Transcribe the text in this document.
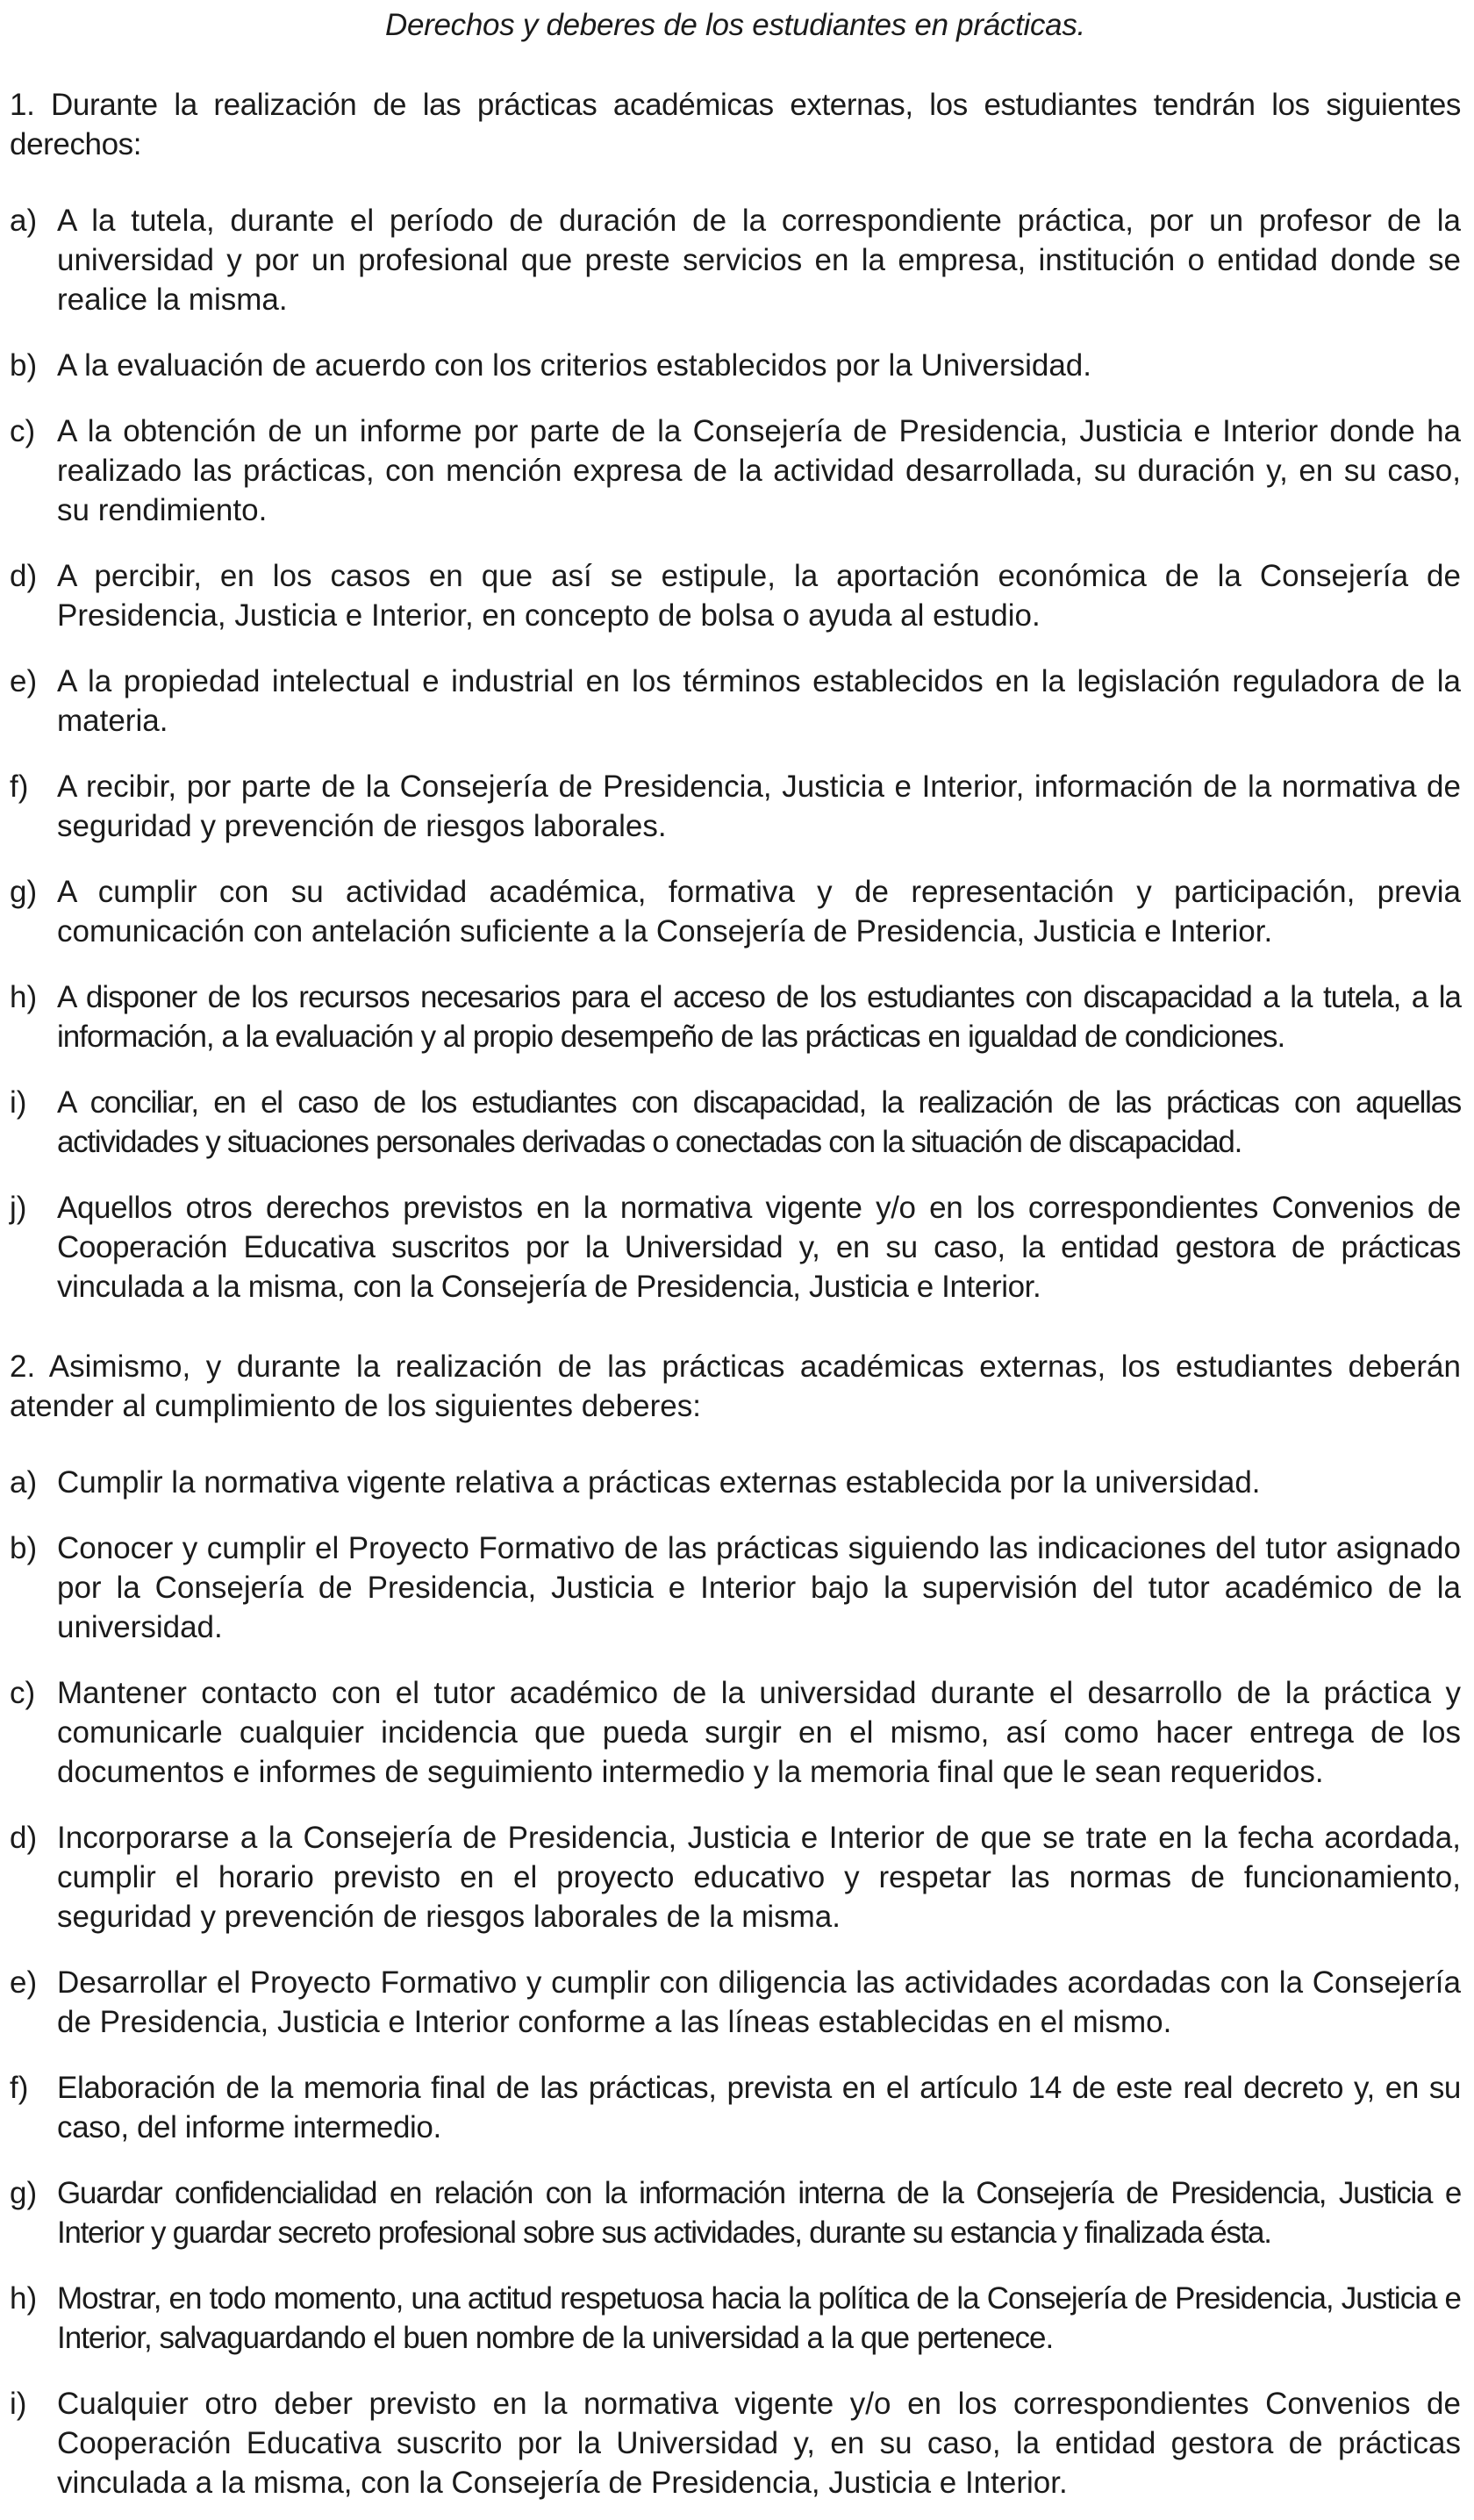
Derechos y deberes de los estudiantes en prácticas.

1. Durante la realización de las prácticas académicas externas, los estudiantes tendrán los siguientes derechos:

a) A la tutela, durante el período de duración de la correspondiente práctica, por un profesor de la universidad y por un profesional que preste servicios en la empresa, institución o entidad donde se realice la misma.
b) A la evaluación de acuerdo con los criterios establecidos por la Universidad.
c) A la obtención de un informe por parte de la Consejería de Presidencia, Justicia e Interior donde ha realizado las prácticas, con mención expresa de la actividad desarrollada, su duración y, en su caso, su rendimiento.
d) A percibir, en los casos en que así se estipule, la aportación económica de la Consejería de Presidencia, Justicia e Interior, en concepto de bolsa o ayuda al estudio.
e) A la propiedad intelectual e industrial en los términos establecidos en la legislación reguladora de la materia.
f) A recibir, por parte de la Consejería de Presidencia, Justicia e Interior, información de la normativa de seguridad y prevención de riesgos laborales.
g) A cumplir con su actividad académica, formativa y de representación y participación, previa comunicación con antelación suficiente a la Consejería de Presidencia, Justicia e Interior.
h) A disponer de los recursos necesarios para el acceso de los estudiantes con discapacidad a la tutela, a la información, a la evaluación y al propio desempeño de las prácticas en igualdad de condiciones.
i) A conciliar, en el caso de los estudiantes con discapacidad, la realización de las prácticas con aquellas actividades y situaciones personales derivadas o conectadas con la situación de discapacidad.
j) Aquellos otros derechos previstos en la normativa vigente y/o en los correspondientes Convenios de Cooperación Educativa suscritos por la Universidad y, en su caso, la entidad gestora de prácticas vinculada a la misma, con la Consejería de Presidencia, Justicia e Interior.

2. Asimismo, y durante la realización de las prácticas académicas externas, los estudiantes deberán atender al cumplimiento de los siguientes deberes:

a) Cumplir la normativa vigente relativa a prácticas externas establecida por la universidad.
b) Conocer y cumplir el Proyecto Formativo de las prácticas siguiendo las indicaciones del tutor asignado por la Consejería de Presidencia, Justicia e Interior bajo la supervisión del tutor académico de la universidad.
c) Mantener contacto con el tutor académico de la universidad durante el desarrollo de la práctica y comunicarle cualquier incidencia que pueda surgir en el mismo, así como hacer entrega de los documentos e informes de seguimiento intermedio y la memoria final que le sean requeridos.
d) Incorporarse a la Consejería de Presidencia, Justicia e Interior de que se trate en la fecha acordada, cumplir el horario previsto en el proyecto educativo y respetar las normas de funcionamiento, seguridad y prevención de riesgos laborales de la misma.
e) Desarrollar el Proyecto Formativo y cumplir con diligencia las actividades acordadas con la Consejería de Presidencia, Justicia e Interior conforme a las líneas establecidas en el mismo.
f) Elaboración de la memoria final de las prácticas, prevista en el artículo 14 de este real decreto y, en su caso, del informe intermedio.
g) Guardar confidencialidad en relación con la información interna de la Consejería de Presidencia, Justicia e Interior y guardar secreto profesional sobre sus actividades, durante su estancia y finalizada ésta.
h) Mostrar, en todo momento, una actitud respetuosa hacia la política de la Consejería de Presidencia, Justicia e Interior, salvaguardando el buen nombre de la universidad a la que pertenece.
i) Cualquier otro deber previsto en la normativa vigente y/o en los correspondientes Convenios de Cooperación Educativa suscrito por la Universidad y, en su caso, la entidad gestora de prácticas vinculada a la misma, con la Consejería de Presidencia, Justicia e Interior.
